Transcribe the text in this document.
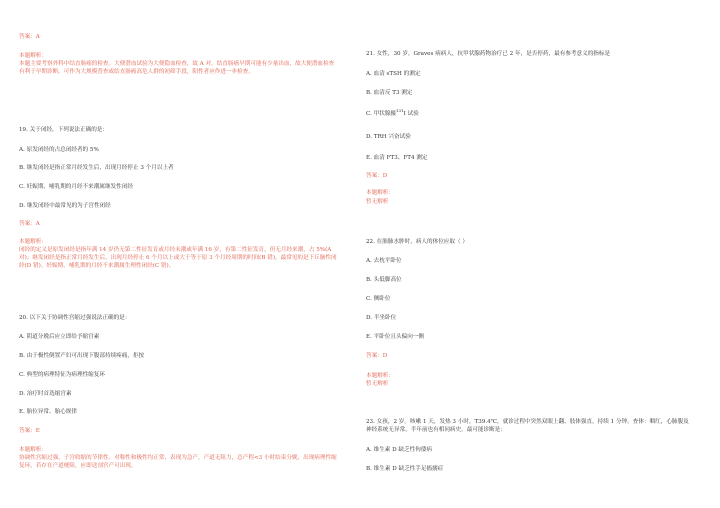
答案：A
本题解析：
本题主要考察外科中结直肠癌的检查。大便潜血试验为大便隐血检查，故 A 对。结直肠癌早期可能有少量出血，故大便潜血检查有利于早期诊断。可作为大规模普查或结直肠癌高危人群的初筛手段，阳性者应作进一步检查。
19. 关于闭经，下列说法正确的是：
A. 原发闭经的占总闭经者的 5%
B. 继发闭经是指正常月经发生后，出现月经停止 3 个月以上者
C. 妊娠期、哺乳期的月经不来潮属继发性闭经
D. 继发闭经中最常见的为子宫性闭经
答案：A
本题解析：
闭经的定义是原发闭经是指年满 14 岁仍无第二性征发育或月经未潮或年满 16 岁，有第二性征发育，但无月经来潮，占 5%(A 对)；继发闭经是指正常月经发生后，出现月经停止 6 个月以上或大于等于原 3 个月经周期的时间(B 错)，最常见的是下丘脑性闭经(D 错)。妊娠期、哺乳期的月经不来潮属生理性闭经(C 错)。
20. 以下关于协调性宫缩过强说法正确的是：
A. 阴道分娩后应立即给予缩宫素
B. 由于极性倒置产妇可出现下腹部持续疼痛，拒按
C. 典型的病理特征为病理性缩复环
D. 治疗时首选缩宫素
E. 胎位异常、胎心规律
答案：E
本题解析：
协调性宫缩过强，子宫收缩的节律性、对称性和极性均正常，表现为急产，产道无阻力，总产程<3 小时结束分娩，出现病理性缩复环，若存在产道梗阻，应即送剖宫产可出现。
21. 女性，30 岁，Graves 病病人，抗甲状腺药物治疗已 2 年，是否停药，最有参考意义的指标是
A. 血清 sTSH 的测定
B. 血清反 T3 测定
C. 甲状腺摄$^{131}$I 试验
D. TRH 兴奋试验
E. 血清 FT3、FT4 测定
答案：D
本题解析：
暂无解析
22. 在胎肺水肿时，病人的体位应取（ ）
A. 去枕平卧位
B. 头低脚高位
C. 侧卧位
D. 半坐卧位
E. 平卧位且头偏向一侧
答案：D
本题解析：
暂无解析
23. 女孩，2 岁。咳嗽 1 天，发热 3 小时，T39.4℃，就诊过程中突然双眼上翻、肢体强直，持续 1 分钟。查体：咽红，心肺腹及神经系统无异常，半年前也有相同病史。最可能诊断是：
A. 维生素 D 缺乏性佝偻病
B. 维生素 D 缺乏性手足搐搦症
